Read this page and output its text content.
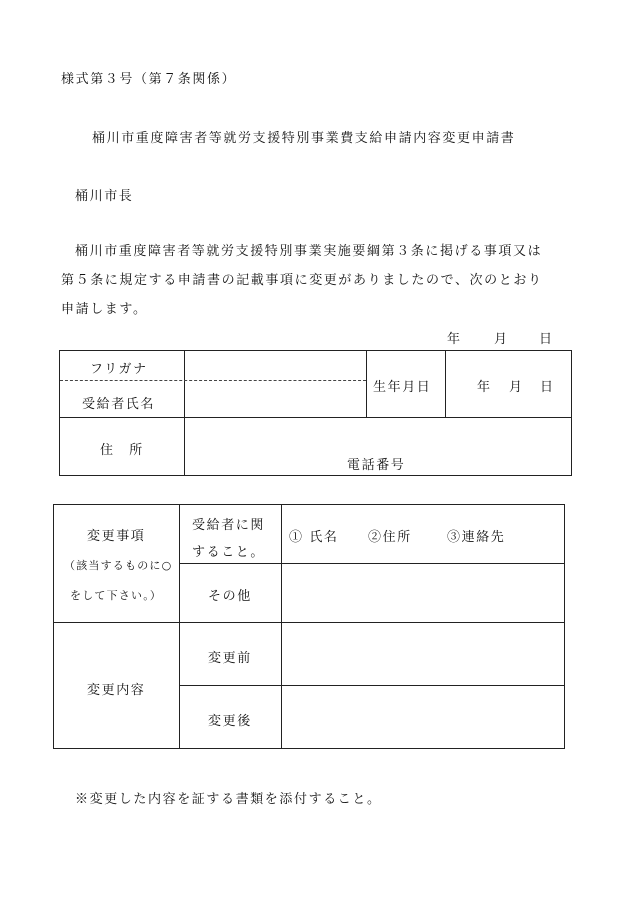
様式第３号（第７条関係）
桶川市重度障害者等就労支援特別事業費支給申請内容変更申請書
桶川市長
桶川市重度障害者等就労支援特別事業実施要綱第３条に掲げる事項又は
第５条に規定する申請書の記載事項に変更がありましたので、次のとおり
申請します。
年 月 日
フリガナ
受給者氏名
生年月日	年 月 日
住　所
電話番号
変更事項
（該当するものに○
をして下さい。）
受給者に関
すること。
① 氏名 ②住所	③連絡先
その他
変更内容
変更前
変更後
※変更した内容を証する書類を添付すること。
